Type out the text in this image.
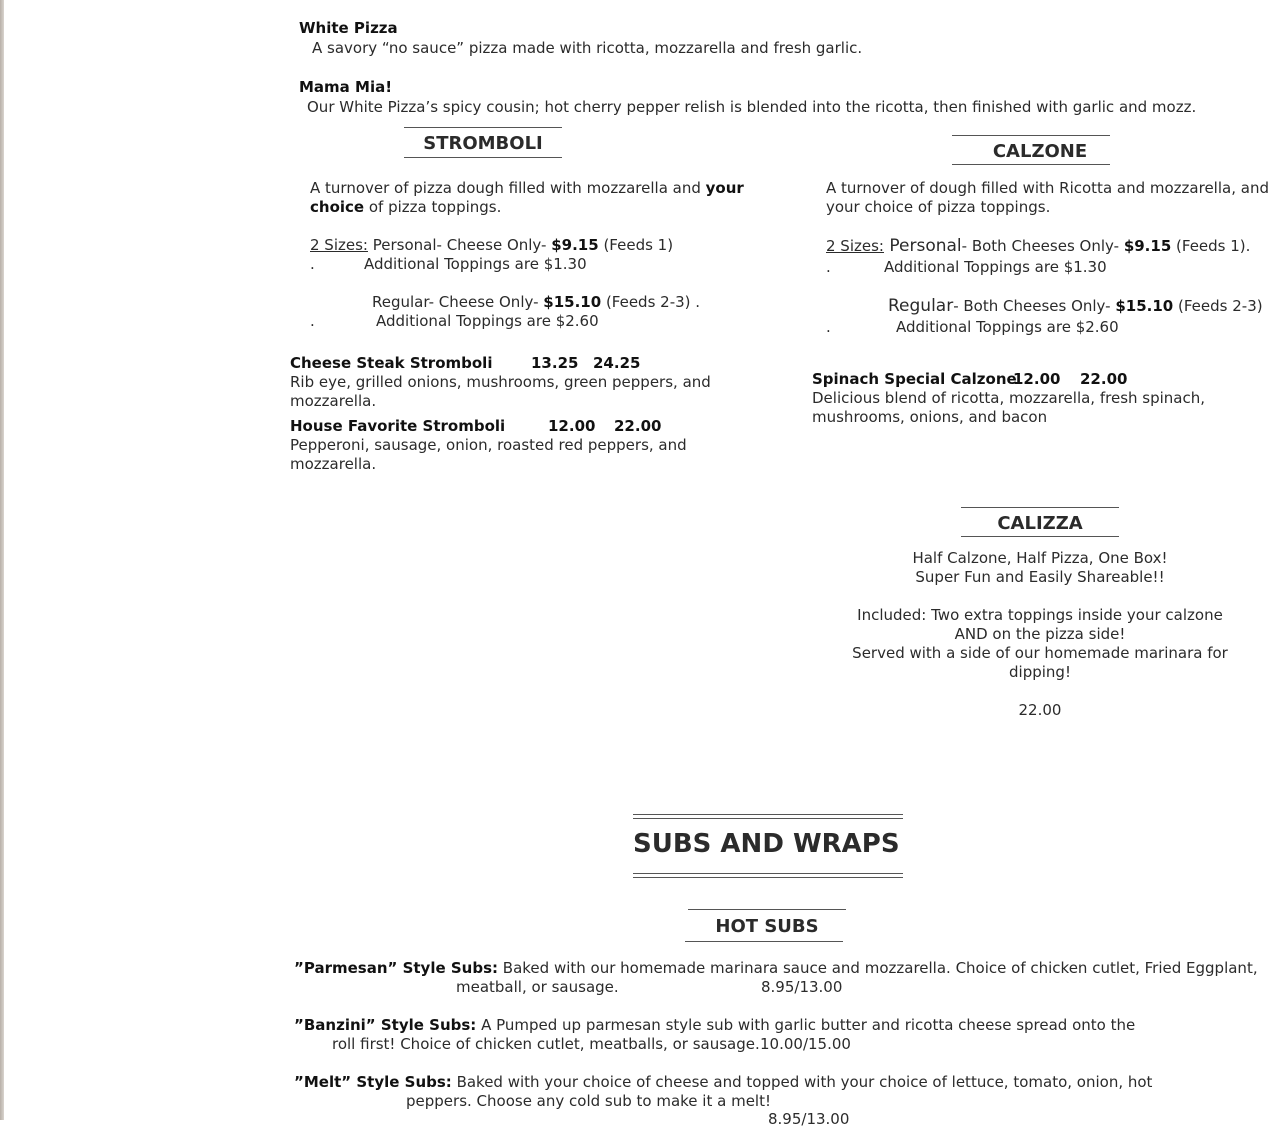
White Pizza
A savory “no sauce” pizza made with ricotta, mozzarella and fresh garlic.
Mama Mia!
Our White Pizza’s spicy cousin; hot cherry pepper relish is blended into the ricotta, then finished with garlic and mozz.
STROMBOLI	CALZONE
A turnover of pizza dough filled with mozzarella and your
choice of pizza toppings.
2 Sizes: Personal- Cheese Only- $9.15 (Feeds 1)
.	Additional Toppings are $1.30
Regular- Cheese Only- $15.10 (Feeds 2-3) .
.	Additional Toppings are $2.60
Cheese Steak Stromboli	13.25 24.25
Rib eye, grilled onions, mushrooms, green peppers, and
mozzarella.
House Favorite Stromboli	12.00 22.00
Pepperoni, sausage, onion, roasted red peppers, and
mozzarella.
A turnover of dough filled with Ricotta and mozzarella, and
your choice of pizza toppings.
2 Sizes: Personal- Both Cheeses Only- $9.15 (Feeds 1).
.	Additional Toppings are $1.30
Regular- Both Cheeses Only- $15.10 (Feeds 2-3)
.	Additional Toppings are $2.60
Spinach Special Calzone
12.00 22.00
Delicious blend of ricotta, mozzarella, fresh spinach,
mushrooms, onions, and bacon
CALIZZA
Half Calzone, Half Pizza, One Box!
Super Fun and Easily Shareable!!
Included: Two extra toppings inside your calzone
AND on the pizza side!
Served with a side of our homemade marinara for
dipping!
22.00
SUBS AND WRAPS
HOT SUBS
”Parmesan” Style Subs: Baked with our homemade marinara sauce and mozzarella. Choice of chicken cutlet, Fried Eggplant,
meatball, or sausage.	8.95/13.00
”Banzini” Style Subs: A Pumped up parmesan style sub with garlic butter and ricotta cheese spread onto the
roll first! Choice of chicken cutlet, meatballs, or sausage. 10.00/15.00
”Melt” Style Subs: Baked with your choice of cheese and topped with your choice of lettuce, tomato, onion, hot
peppers. Choose any cold sub to make it a melt!
8.95/13.00
